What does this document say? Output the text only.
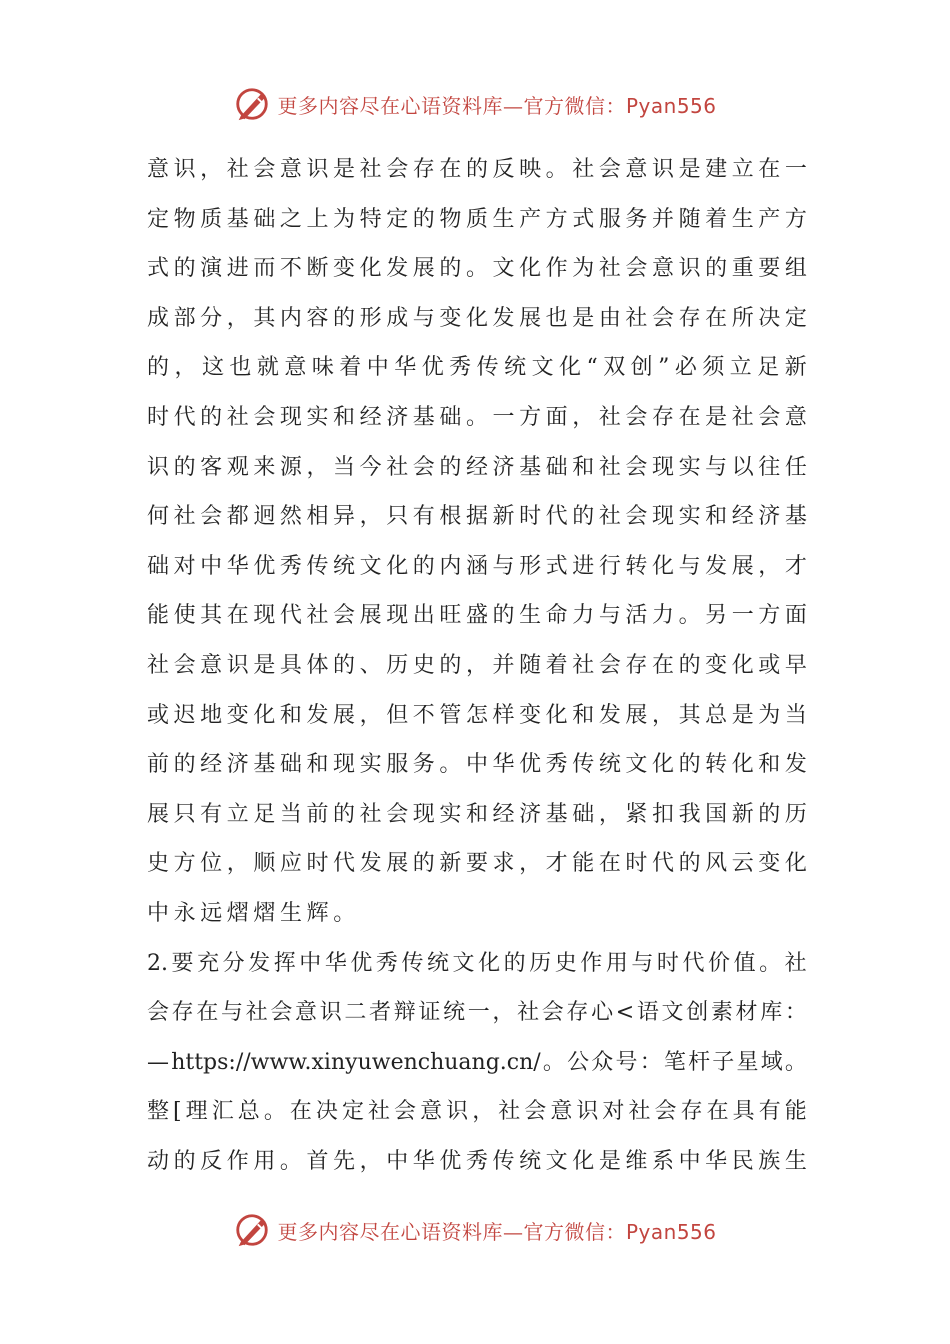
更多内容尽在心语资料库—官方微信：Pyan556
意 识 ， 社 会 意 识 是 社 会 存 在 的 反 映 。 社 会 意 识 是 建 立 在 一
定 物 质 基 础 之 上 为 特 定 的 物 质 生 产 方 式 服 务 并 随 着 生 产 方
式 的 演 进 而 不 断 变 化 发 展 的 。 文 化 作 为 社 会 意 识 的 重 要 组
成 部 分 ， 其 内 容 的 形 成 与 变 化 发 展 也 是 由 社 会 存 在 所 决 定
的 ， 这 也 就 意 味 着 中 华 优 秀 传 统 文 化 “ 双 创 ” 必 须 立 足 新
时 代 的 社 会 现 实 和 经 济 基 础 。 一 方 面 ， 社 会 存 在 是 社 会 意
识 的 客 观 来 源 ， 当 今 社 会 的 经 济 基 础 和 社 会 现 实 与 以 往 任
何 社 会 都 迥 然 相 异 ， 只 有 根 据 新 时 代 的 社 会 现 实 和 经 济 基
础 对 中 华 优 秀 传 统 文 化 的 内 涵 与 形 式 进 行 转 化 与 发 展 ， 才
能 使 其 在 现 代 社 会 展 现 出 旺 盛 的 生 命 力 与 活 力 。 另 一 方 面
社 会 意 识 是 具 体 的 、 历 史 的 ， 并 随 着 社 会 存 在 的 变 化 或 早
或 迟 地 变 化 和 发 展 ， 但 不 管 怎 样 变 化 和 发 展 ， 其 总 是 为 当
前 的 经 济 基 础 和 现 实 服 务 。 中 华 优 秀 传 统 文 化 的 转 化 和 发
展 只 有 立 足 当 前 的 社 会 现 实 和 经 济 基 础 ， 紧 扣 我 国 新 的 历
史 方 位 ， 顺 应 时 代 发 展 的 新 要 求 ， 才 能 在 时 代 的 风 云 变 化
中永远熠熠生辉。
2. 要 充 分 发 挥 中 华 优 秀 传 统 文 化 的 历 史 作 用 与 时 代 价 值 。 社
会 存 在 与 社 会 意 识 二 者 辩 证 统 一 ， 社 会 存 心 < 语 文 创 素 材 库 ：
— https://www.xinyuwenchuang.cn/ 。 公 众 号 ： 笔 杆 子 星 域 。
整 [ 理 汇 总 。 在 决 定 社 会 意 识 ， 社 会 意 识 对 社 会 存 在 具 有 能
动 的 反 作 用 。 首 先 ， 中 华 优 秀 传 统 文 化 是 维 系 中 华 民 族 生
更多内容尽在心语资料库—官方微信：Pyan556
